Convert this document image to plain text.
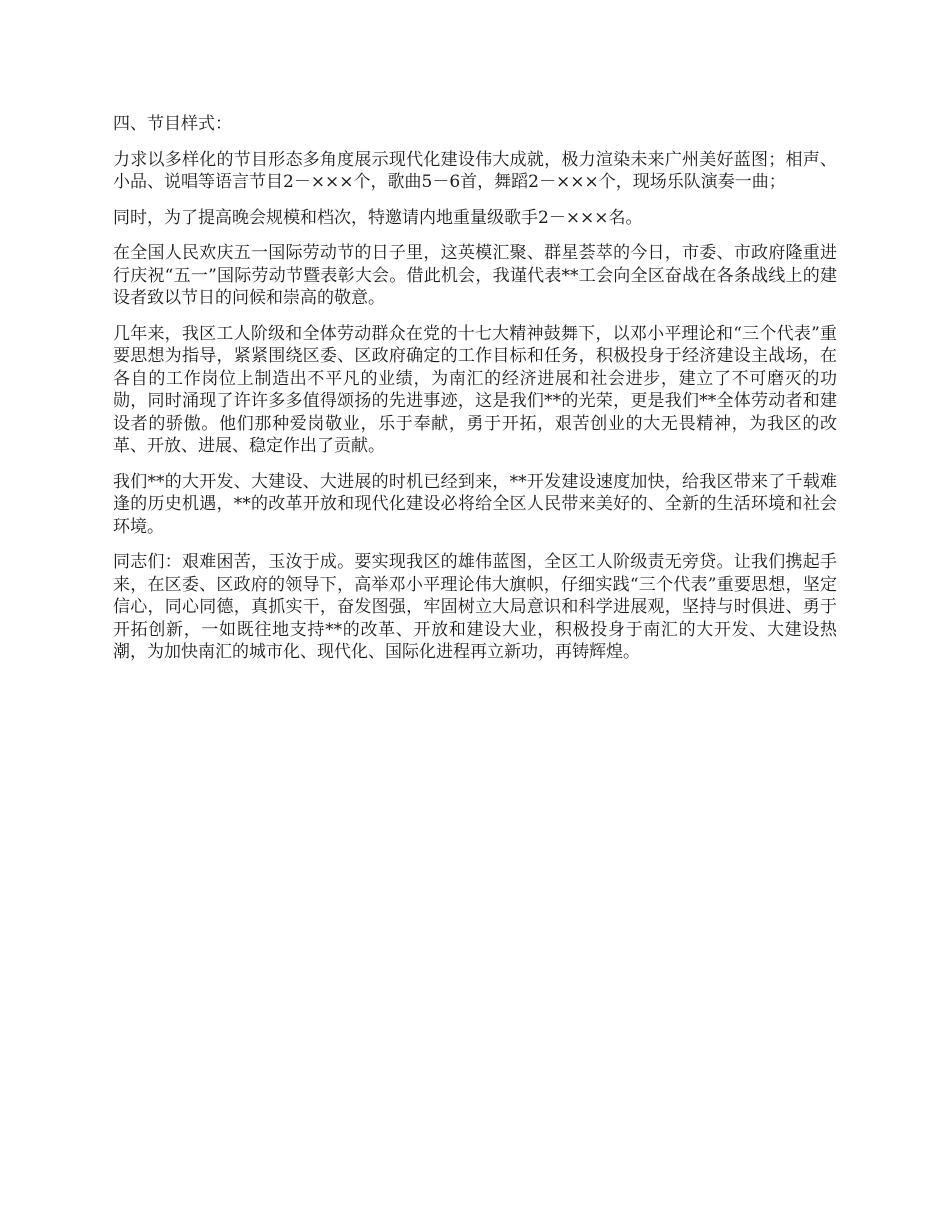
四、节目样式：

力求以多样化的节目形态多角度展示现代化建设伟大成就，极力渲染未来广州美好蓝图；相声、小品、说唱等语言节目2－×××个，歌曲5－6首，舞蹈2－×××个，现场乐队演奏一曲；

同时，为了提高晚会规模和档次，特邀请内地重量级歌手2－×××名。

在全国人民欢庆五一国际劳动节的日子里，这英模汇聚、群星荟萃的今日，市委、市政府隆重进行庆祝“五一”国际劳动节暨表彰大会。借此机会，我谨代表**工会向全区奋战在各条战线上的建设者致以节日的问候和崇高的敬意。

几年来，我区工人阶级和全体劳动群众在党的十七大精神鼓舞下，以邓小平理论和“三个代表”重要思想为指导，紧紧围绕区委、区政府确定的工作目标和任务，积极投身于经济建设主战场，在各自的工作岗位上制造出不平凡的业绩，为南汇的经济进展和社会进步，建立了不可磨灭的功勋，同时涌现了许许多多值得颂扬的先进事迹，这是我们**的光荣，更是我们**全体劳动者和建设者的骄傲。他们那种爱岗敬业，乐于奉献，勇于开拓，艰苦创业的大无畏精神，为我区的改革、开放、进展、稳定作出了贡献。

我们**的大开发、大建设、大进展的时机已经到来，**开发建设速度加快，给我区带来了千载难逢的历史机遇，**的改革开放和现代化建设必将给全区人民带来美好的、全新的生活环境和社会环境。

同志们：艰难困苦，玉汝于成。要实现我区的雄伟蓝图，全区工人阶级责无旁贷。让我们携起手来，在区委、区政府的领导下，高举邓小平理论伟大旗帜，仔细实践“三个代表”重要思想，坚定信心，同心同德，真抓实干，奋发图强，牢固树立大局意识和科学进展观，坚持与时俱进、勇于开拓创新，一如既往地支持**的改革、开放和建设大业，积极投身于南汇的大开发、大建设热潮，为加快南汇的城市化、现代化、国际化进程再立新功，再铸辉煌。
